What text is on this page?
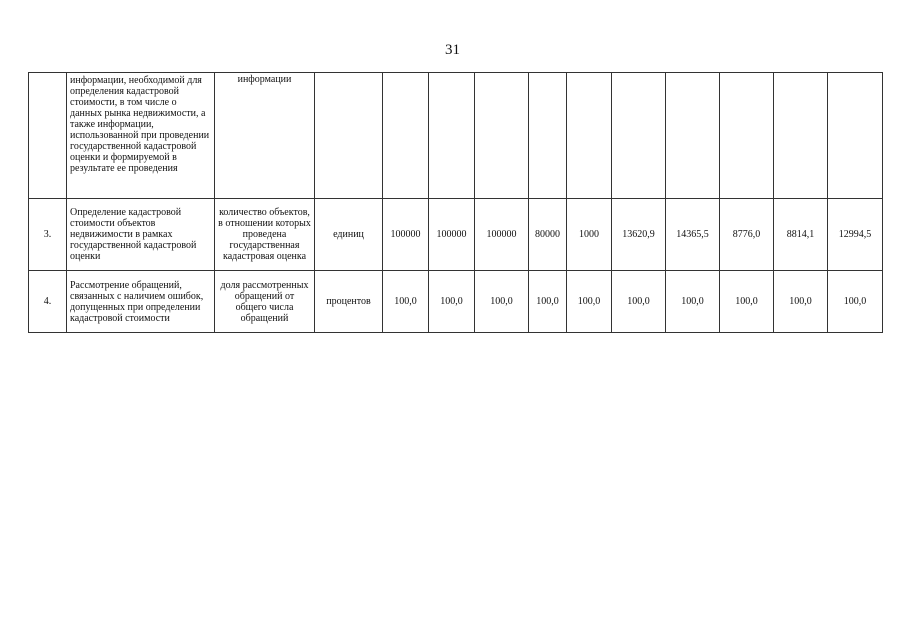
31
	информации, необходимой для определения кадастровой стоимости, в том числе о данных рынка недвижимости, а также информации, использованной при проведении государственной кадастровой оценки и формируемой в результате ее проведения	информации											
3.	Определение кадастровой стоимости объектов недвижимости в рамках государственной кадастровой оценки	количество объектов, в отношении которых проведена государственная кадастровая оценка	единиц	100000	100000	100000	80000	1000	13620,9	14365,5	8776,0	8814,1	12994,5
4.	Рассмотрение обращений, связанных с наличием ошибок, допущенных при определении кадастровой стоимости	доля рассмотренных обращений от общего числа обращений	процентов	100,0	100,0	100,0	100,0	100,0	100,0	100,0	100,0	100,0	100,0
